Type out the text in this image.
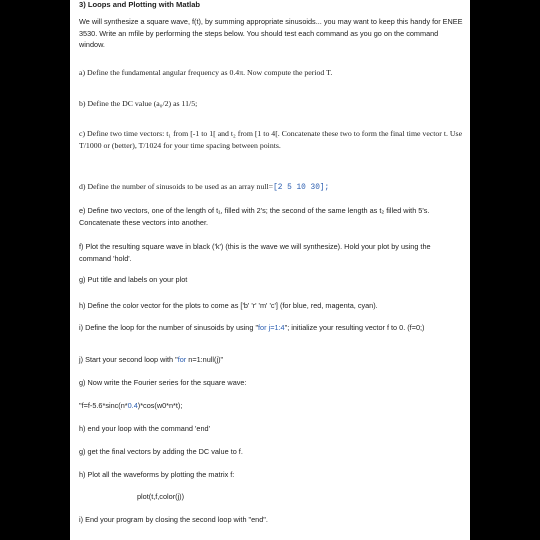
3) Loops and Plotting with Matlab

We will synthesize a square wave, f(t), by summing appropriate sinusoids... you may want to keep this handy for ENEE 3530. Write an mfile by performing the steps below. You should test each command as you go on the command window.

a) Define the fundamental angular frequency as 0.4π. Now compute the period T.

b) Define the DC value (a₀/2) as 11/5;

c) Define two time vectors: t₁ from [-1 to 1[ and t₂ from [1 to 4[. Concatenate these two to form the final time vector t. Use T/1000 or (better), T/1024 for your time spacing between points.

d) Define the number of sinusoids to be used as an array null=[2 5 10 30];

e) Define two vectors, one of the length of t₁, filled with 2's; the second of the same length as t₂ filled with 5's. Concatenate these vectors into another.

f) Plot the resulting square wave in black ('k') (this is the wave we will synthesize). Hold your plot by using the command 'hold'.

g) Put title and labels on your plot

h) Define the color vector for the plots to come as ['b' 'r' 'm' 'c'] (for blue, red, magenta, cyan).

i) Define the loop for the number of sinusoids by using "for j=1:4"; initialize your resulting vector f to 0. (f=0;)

j) Start your second loop with "for n=1:null(j)"

g) Now write the Fourier series for the square wave:

"f=f-5.6*sinc(n*0.4)*cos(w0*n*t);

h) end your loop with the command 'end'

g) get the final vectors by adding the DC value to f.

h) Plot all the waveforms by plotting the matrix f:

plot(t,f,color(j))

i) End your program by closing the second loop with "end".
